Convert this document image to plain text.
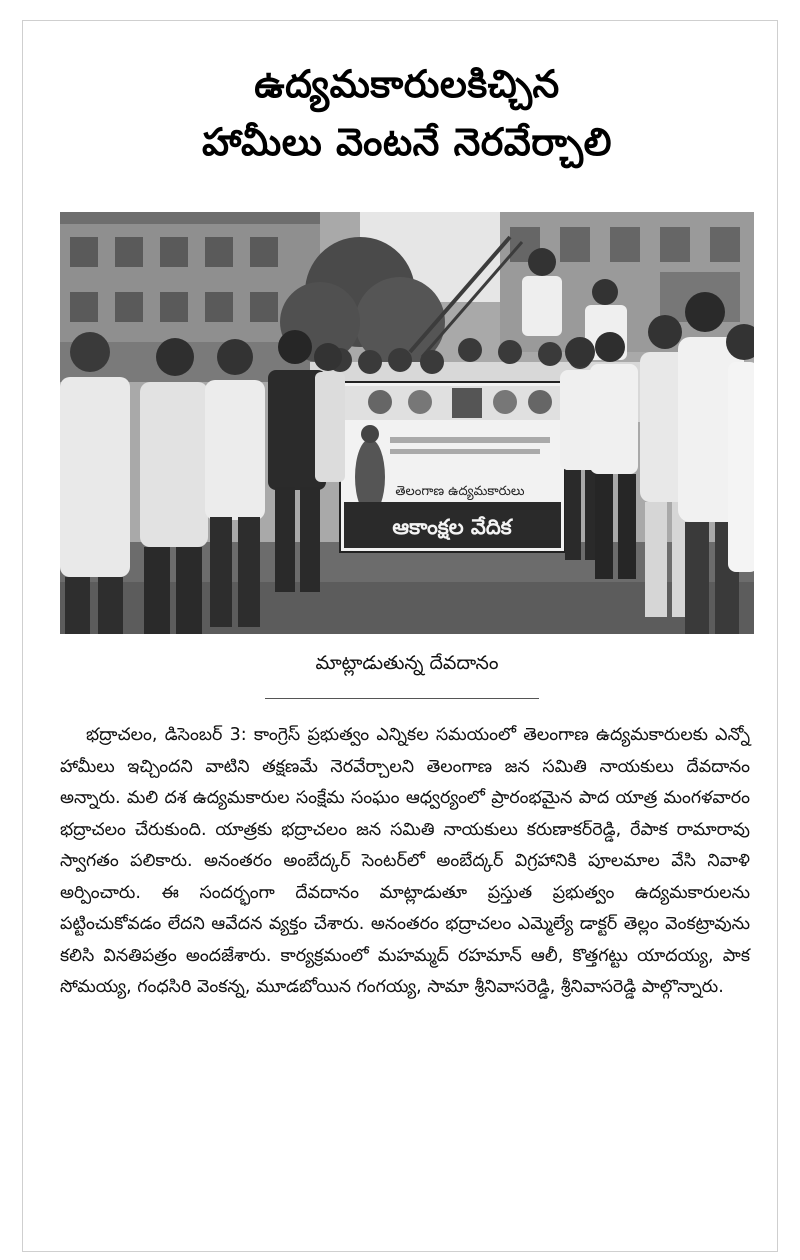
ఉద్యమకారులకిచ్చిన
హామీలు వెంటనే నెరవేర్చాలి
తెలంగాణ ఉద్యమకారులు
ఆకాంక్షల వేదిక
మాట్లాడుతున్న దేవదానం

భద్రాచలం, డిసెంబర్ 3: కాంగ్రెస్ ప్రభుత్వం ఎన్నికల సమయంలో తెలంగాణ ఉద్యమకారులకు ఎన్నో హామీలు ఇచ్చిందని వాటిని తక్షణమే నెరవేర్చాలని తెలంగాణ జన సమితి నాయకులు దేవదానం అన్నారు. మలి దశ ఉద్యమకారుల సంక్షేమ సంఘం ఆధ్వర్యంలో ప్రారంభమైన పాద యాత్ర మంగళవారం భద్రాచలం చేరుకుంది. యాత్రకు భద్రాచలం జన సమితి నాయకులు కరుణాకర్‌రెడ్డి, రేపాక రామారావు స్వాగతం పలికారు. అనంతరం అంబేద్కర్ సెంటర్‌లో అంబేద్కర్ విగ్రహానికి పూలమాల వేసి నివాళి అర్పించారు. ఈ సందర్భంగా దేవదానం మాట్లాడుతూ ప్రస్తుత ప్రభుత్వం ఉద్యమకారులను పట్టించుకోవడం లేదని ఆవేదన వ్యక్తం చేశారు. అనంతరం భద్రాచలం ఎమ్మెల్యే డాక్టర్ తెల్లం వెంకట్రావును కలిసి వినతిపత్రం అందజేశారు. కార్యక్రమంలో మహమ్మద్ రహమాన్ ఆలీ, కొత్తగట్టు యాదయ్య, పాక సోమయ్య, గంధసిరి వెంకన్న, మూడబోయిన గంగయ్య, సామా శ్రీనివాసరెడ్డి, శ్రీనివాసరెడ్డి పాల్గొన్నారు.
